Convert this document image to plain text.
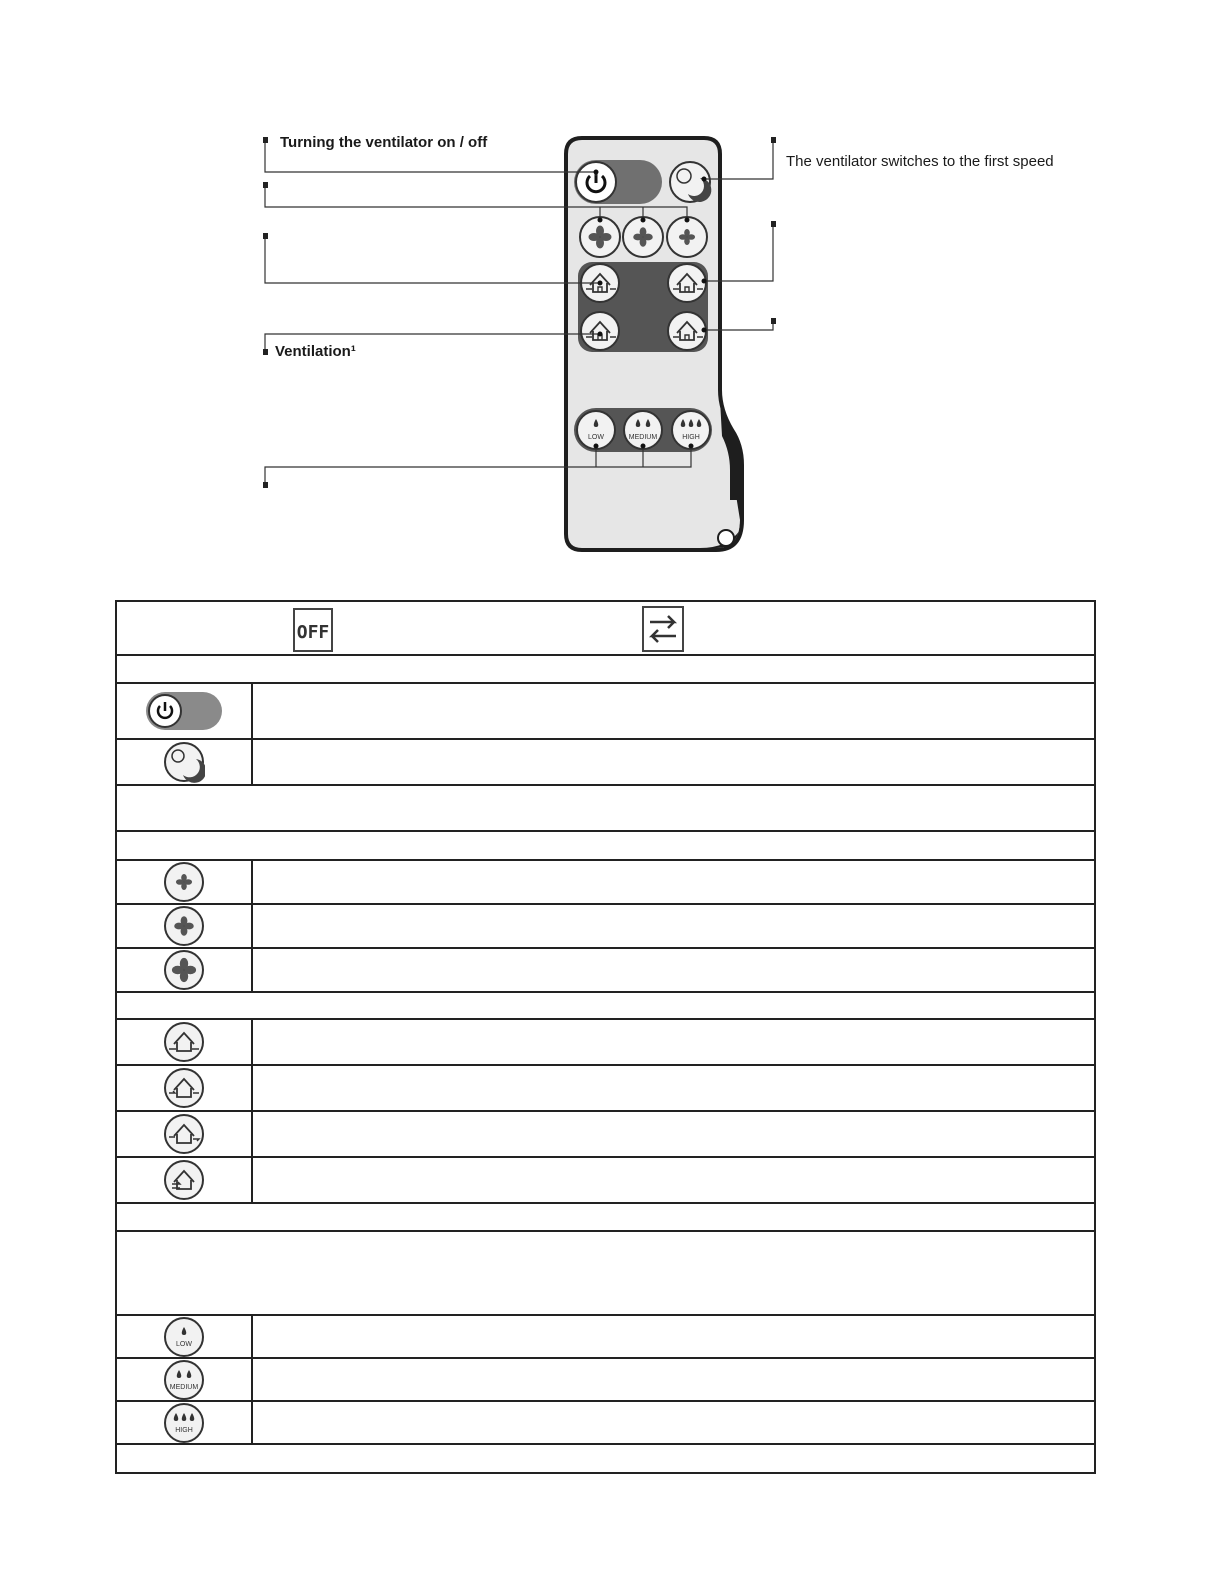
LOW	MEDIUM	HIGH
Turning the ventilator on / off
The ventilator switches to the first speed
Ventilation¹
OFF
LOW
MEDIUM
HIGH
